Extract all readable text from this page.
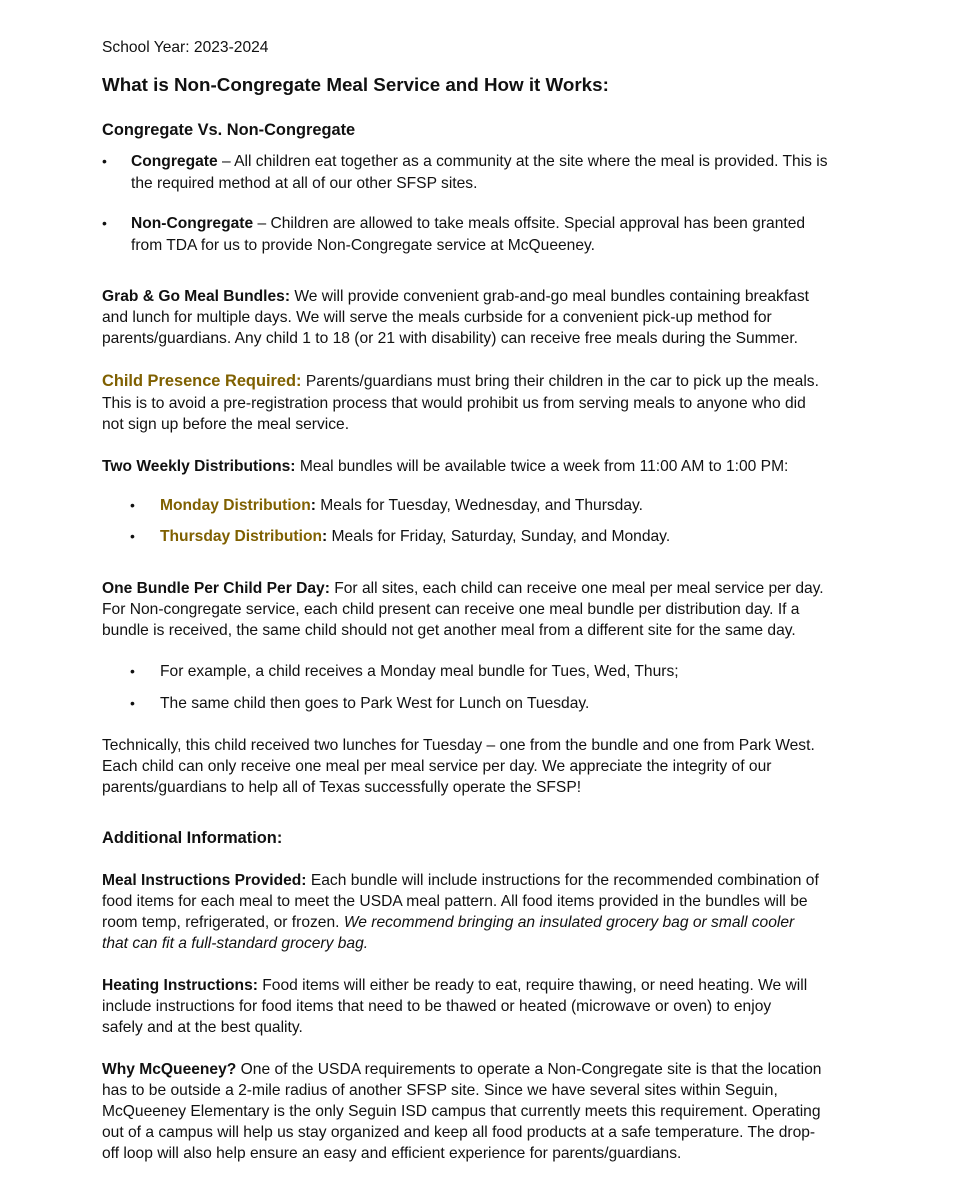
School Year: 2023-2024
What is Non-Congregate Meal Service and How it Works:
Congregate Vs. Non-Congregate
• Congregate – All children eat together as a community at the site where the meal is provided. This is
the required method at all of our other SFSP sites.
• Non-Congregate – Children are allowed to take meals offsite. Special approval has been granted
from TDA for us to provide Non-Congregate service at McQueeney.
Grab & Go Meal Bundles: We will provide convenient grab-and-go meal bundles containing breakfast
and lunch for multiple days. We will serve the meals curbside for a convenient pick-up method for
parents/guardians. Any child 1 to 18 (or 21 with disability) can receive free meals during the Summer.
Child Presence Required: Parents/guardians must bring their children in the car to pick up the meals.
This is to avoid a pre-registration process that would prohibit us from serving meals to anyone who did
not sign up before the meal service.
Two Weekly Distributions: Meal bundles will be available twice a week from 11:00 AM to 1:00 PM:
• Monday Distribution: Meals for Tuesday, Wednesday, and Thursday.
• Thursday Distribution: Meals for Friday, Saturday, Sunday, and Monday.
One Bundle Per Child Per Day: For all sites, each child can receive one meal per meal service per day.
For Non-congregate service, each child present can receive one meal bundle per distribution day. If a
bundle is received, the same child should not get another meal from a different site for the same day.
• For example, a child receives a Monday meal bundle for Tues, Wed, Thurs;
• The same child then goes to Park West for Lunch on Tuesday.
Technically, this child received two lunches for Tuesday – one from the bundle and one from Park West.
Each child can only receive one meal per meal service per day. We appreciate the integrity of our
parents/guardians to help all of Texas successfully operate the SFSP!
Additional Information:
Meal Instructions Provided: Each bundle will include instructions for the recommended combination of
food items for each meal to meet the USDA meal pattern. All food items provided in the bundles will be
room temp, refrigerated, or frozen. We recommend bringing an insulated grocery bag or small cooler
that can fit a full-standard grocery bag.
Heating Instructions: Food items will either be ready to eat, require thawing, or need heating. We will
include instructions for food items that need to be thawed or heated (microwave or oven) to enjoy
safely and at the best quality.
Why McQueeney? One of the USDA requirements to operate a Non-Congregate site is that the location
has to be outside a 2-mile radius of another SFSP site. Since we have several sites within Seguin,
McQueeney Elementary is the only Seguin ISD campus that currently meets this requirement. Operating
out of a campus will help us stay organized and keep all food products at a safe temperature. The drop-
off loop will also help ensure an easy and efficient experience for parents/guardians.
